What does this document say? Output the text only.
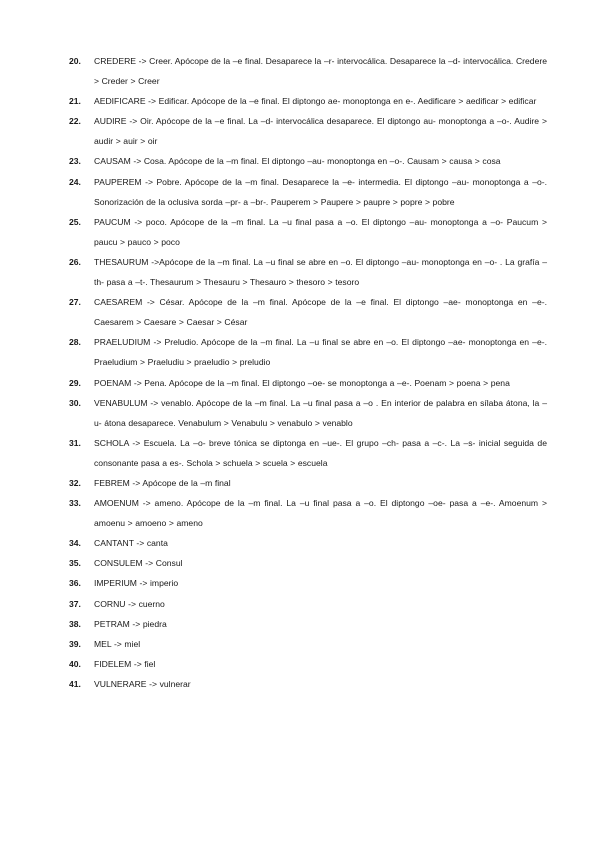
20.	CREDERE -> Creer. Apócope de la –e final. Desaparece la –r- intervocálica. Desaparece la –d- intervocálica. Credere > Creder > Creer
21.	AEDIFICARE -> Edificar. Apócope de la –e final. El diptongo ae- monoptonga en e-. Aedificare > aedificar > edificar
22.	AUDIRE -> Oir. Apócope de la –e final. La –d- intervocálica desaparece. El diptongo au- monoptonga a –o-. Audire > audir > auir > oir
23.	CAUSAM -> Cosa. Apócope de la –m final. El diptongo –au- monoptonga en –o-. Causam > causa > cosa
24.	PAUPEREM -> Pobre. Apócope de la –m final. Desaparece la –e- intermedia. El diptongo –au- monoptonga a –o-. Sonorización de la oclusiva sorda –pr- a –br-. Pauperem > Paupere > paupre > popre > pobre
25.	PAUCUM -> poco. Apócope de la –m final. La –u final pasa a –o. El diptongo –au- monoptonga a –o- Paucum > paucu > pauco > poco
26.	THESAURUM ->Apócope de la –m final. La –u final se abre en –o. El diptongo –au- monoptonga en –o- . La grafía –th- pasa a –t-. Thesaurum > Thesauru > Thesauro > thesoro > tesoro
27.	CAESAREM -> César. Apócope de la –m final. Apócope de la –e final. El diptongo –ae- monoptonga en –e-. Caesarem > Caesare > Caesar > César
28.	PRAELUDIUM -> Preludio. Apócope de la –m final. La –u final se abre en –o. El diptongo –ae- monoptonga en –e-. Praeludium > Praeludiu > praeludio > preludio
29.	POENAM -> Pena. Apócope de la –m final. El diptongo –oe- se monoptonga a –e-. Poenam > poena > pena
30.	VENABULUM -> venablo. Apócope de la –m final. La –u final pasa a –o . En interior de palabra en sílaba átona, la –u- átona desaparece. Venabulum > Venabulu > venabulo > venablo
31.	SCHOLA -> Escuela. La –o- breve tónica se diptonga en –ue-. El grupo –ch- pasa a –c-. La –s- inicial seguida de consonante pasa a es-. Schola > schuela > scuela > escuela
32.	FEBREM -> Apócope de la –m final
33.	AMOENUM -> ameno. Apócope de la –m final. La –u final pasa a –o. El diptongo –oe- pasa a –e-. Amoenum > amoenu > amoeno > ameno
34.	CANTANT -> canta
35.	CONSULEM -> Consul
36.	IMPERIUM -> imperio
37.	CORNU -> cuerno
38.	PETRAM -> piedra
39.	MEL -> miel
40.	FIDELEM -> fiel
41.	VULNERARE -> vulnerar
